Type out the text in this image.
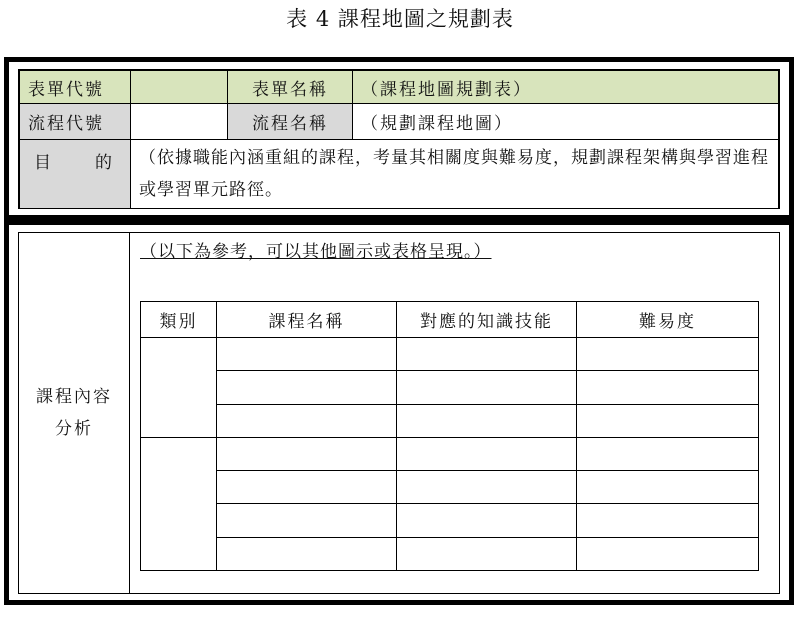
表 4 課程地圖之規劃表
表單代號		表單名稱	（課程地圖規劃表）
流程代號		流程名稱	（規劃課程地圖）

目 的	（依據職能內涵重組的課程，考量其相關度與難易度，規劃課程架構與學習進程或學習單元路徑。		
課程內容
分析
（以下為參考，可以其他圖示或表格呈現。）
類別	課程名稱	對應的知識技能	難易度
